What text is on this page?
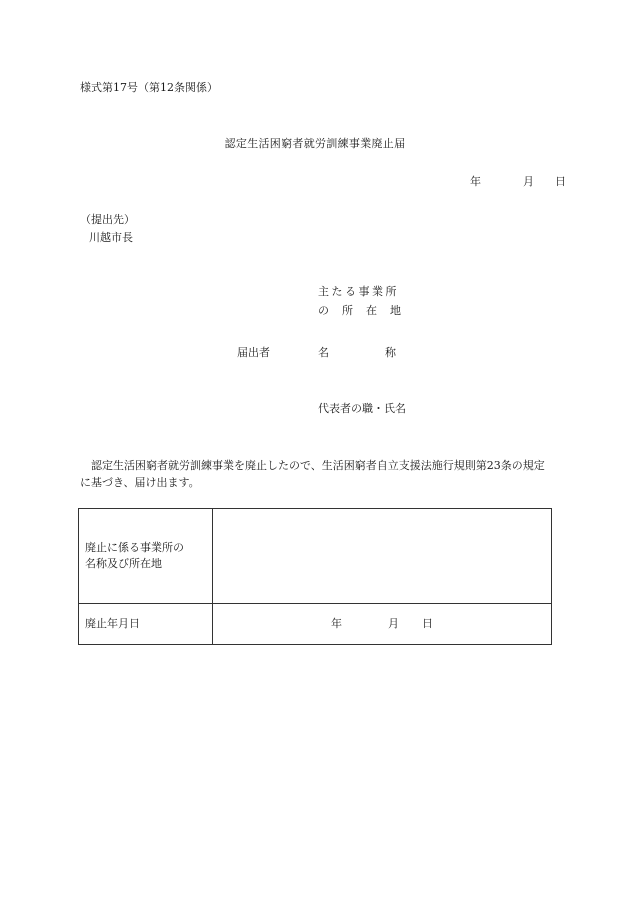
様式第17号（第12条関係）
認定生活困窮者就労訓練事業廃止届
年	月 日
（提出先）
川越市長
主たる事業所
の 所 在 地
届出者	名	称
代表者の職・氏名
認定生活困窮者就労訓練事業を廃止したので、生活困窮者自立支援法施行規則第23条の規定に基づき、届け出ます。
廃止に係る事業所の
名称及び所在地	

廃止年月日	年 月 日
